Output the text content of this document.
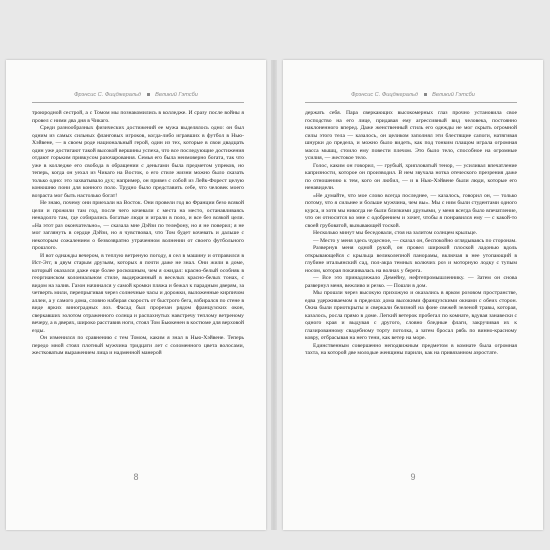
Фрэнсис С. Фицджеральд	Великий Гэтсби

троюродной сестрой, а с Томом мы познакомились в колледже. И сразу после войны я провел с ними два дня в Чикаго.

Среди разнообразных физических достижений ее мужа выделялось одно: он был одним из самых сильных фланговых игроков, когда-либо игравших в футбол в Нью-Хэйвене, — в своем роде национальный герой, один из тех, которые в свои двадцать один уже достигают такой высокой вершины успеха, что все последующие достижения отдают горьким привкусом разочарования. Семья его была неимоверно богата, так что уже в колледже его свобода в обращении с деньгами была предметом упреков, но теперь, когда он уехал из Чикаго на Восток, о его стиле жизни можно было сказать только одно: это захватывало дух; например, он привез с собой из Лейк-Форест целую конюшню пони для конного поло. Трудно было представить себе, что человек моего возраста мог быть настолько богат!

Не знаю, почему они приехали на Восток. Они провели год во Франции безо всякой цели и прожили там год, после чего кочевали с места на место, останавливаясь ненадолго там, где собирались богатые люди и играли в поло, и все без всякой цели. «На этот раз окончательно», — сказала мне Дэйзи по телефону, но я не поверил; я не мог заглянуть в сердце Дэйзи, но я чувствовал, что Том будет кочевать и дальше с некоторым сожалением о безвозвратно утраченном волнении от своего футбольного прошлого.

И вот однажды вечером, в теплую ветреную погоду, я сел в машину и отправился в Ист-Эгг, в двум старым друзьям, которых я почти даже не знал. Они жили в доме, который оказался даже еще более роскошным, чем я ожидал: красно-белый особняк в георгианском колониальном стиле, выдержанный в веселых красно-белых тонах, с видом на залив. Газон начинался у самой кромки пляжа и бежал к парадным дверям, за четверть мили, перепрыгивая через солнечные часы и дорожки, выложенные кирпичом аллеи, а у самого дома, словно набирая скорость от быстрого бега, взбирался по стене в виде ярких виноградных лоз. Фасад был прорезан рядом французских окон, сверкавших золотом отраженного солнца и распахнутых навстречу теплому ветреному вечеру, а в дверях, широко расставив ноги, стоял Том Бьюкенен в костюме для верховой езды.

Он изменился по сравнению с тем Томом, каким я знал в Нью-Хэйвене. Теперь передо мной стоял плотный мужчина тридцати лет с соломенного цвета волосами, жестковатым выражением лица и надменной манерой

8
Фрэнсис С. Фицджеральд	Великий Гэтсби

держать себя. Пара сверкающих высокомерных глаз прочно установила свое господство на его лице, придавая ему агрессивный вид человека, постоянно наклоненного вперед. Даже женственный стиль его одежды не мог скрыть огромной силы этого тела — казалось, он целиком заполнял эти блестящие сапоги, натягивая шнурки до предела, и можно было видеть, как под тонким плащом играла огромная масса мышц, стоило ему повести плечом. Это было тело, способное на огромные усилия, — жестокое тело.

Голос, каким он говорил, — грубый, хрипловатый тенор, — усиливал впечатление капризности, которое он производил. В нем звучала нотка отеческого презрения даже по отношению к тем, кого он любил, — и в Нью-Хэйвене были люди, которые его ненавидели.

«Не думайте, что мое слово всегда последнее, — казалось, говорил он, — только потому, что я сильнее и больше мужчина, чем вы». Мы с ним были студентами одного курса, и хотя мы никогда не были близкими друзьями, у меня всегда было впечатление, что он относится ко мне с одобрением и хочет, чтобы я понравился ему — с какой-то своей грубоватой, вызывающей тоской.

Несколько минут мы беседовали, стоя на залитом солнцем крыльце.

— Место у меня здесь чудесное, — сказал он, беспокойно оглядываясь по сторонам.

Развернув меня одной рукой, он провел широкой плоской ладонью вдоль открывающейся с крыльца великолепной панорамы, включая в нее утопающий в глубине итальянский сад, пол-акра темных колючих роз и моторную лодку с тупым носом, которая покачивалась на волнах у берега.

— Все это принадлежало Демейну, нефтепромышленнику. — Затем он снова развернул меня, вежливо и резко. — Пошли в дом.

Мы прошли через высокую прихожую и оказались в ярком розовом пространстве, едва удерживаемом в пределах дома высокими французскими окнами с обеих сторон. Окна были приоткрыты и сверкали белизной на фоне свежей зеленой травы, которая, казалось, росла прямо в доме. Легкий ветерок пробегал по комнате, вдувая занавески с одного края и выдувая с другого, словно бледные флаги, закручивая их к глазированному свадебному торту потолка, а затем бросал рябь по винно-красному ковру, отбрасывая на него тени, как ветер на море.

Единственным совершенно неподвижным предметом в комнате была огромная тахта, на которой две молодые женщины парили, как на привязанном аэростате.

9
